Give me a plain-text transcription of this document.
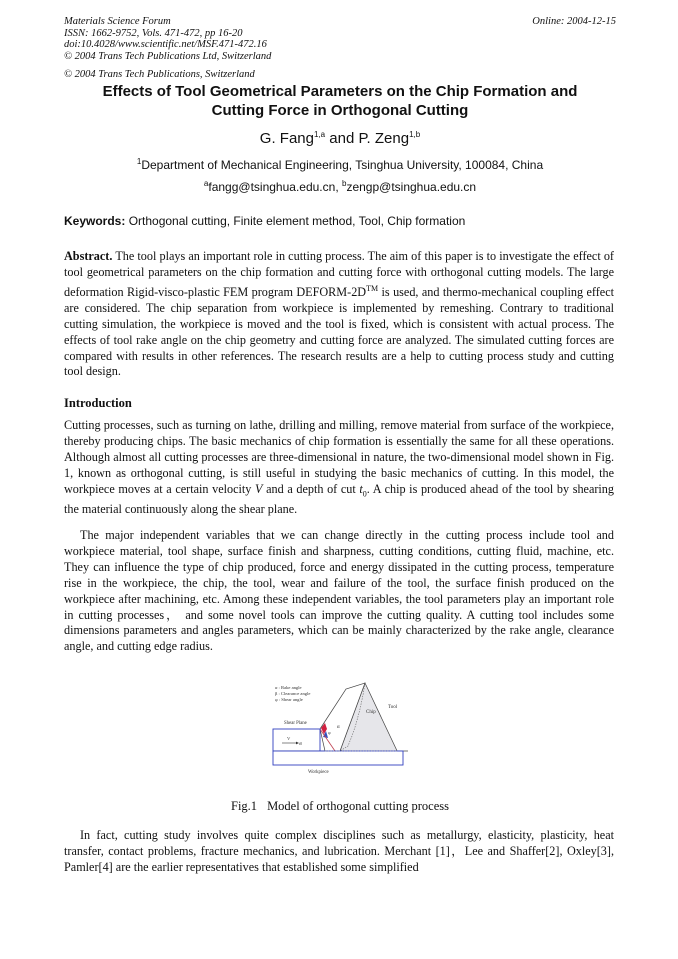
Materials Science Forum
ISSN: 1662-9752, Vols. 471-472, pp 16-20
doi:10.4028/www.scientific.net/MSF.471-472.16
© 2004 Trans Tech Publications Ltd, Switzerland
Online: 2004-12-15
© 2004 Trans Tech Publications, Switzerland
Effects of Tool Geometrical Parameters on the Chip Formation and
Cutting Force in Orthogonal Cutting
G. Fang$^{1,a}$ and P. Zeng$^{1,b}$
$^1$Department of Mechanical Engineering, Tsinghua University, 100084, China
$^a$fangg@tsinghua.edu.cn, $^b$zengp@tsinghua.edu.cn
Keywords: Orthogonal cutting, Finite element method, Tool, Chip formation
Abstract. The tool plays an important role in cutting process. The aim of this paper is to investigate the effect of tool geometrical parameters on the chip formation and cutting force with orthogonal cutting models. The large deformation Rigid-visco-plastic FEM program DEFORM-2D™ is used, and thermo-mechanical coupling effect are considered. The chip separation from workpiece is implemented by remeshing. Contrary to traditional cutting simulation, the workpiece is moved and the tool is fixed, which is consistent with actual process. The effects of tool rake angle on the chip geometry and cutting force are analyzed. The simulated cutting forces are compared with results in other references. The research results are a help to cutting process study and cutting tool design.
Introduction
Cutting processes, such as turning on lathe, drilling and milling, remove material from surface of the workpiece, thereby producing chips. The basic mechanics of chip formation is essentially the same for all these operations. Although almost all cutting processes are three-dimensional in nature, the two-dimensional model shown in Fig. 1, known as orthogonal cutting, is still useful in studying the basic mechanics of cutting. In this model, the workpiece moves at a certain velocity V and a depth of cut $t_0$. A chip is produced ahead of the tool by shearing the material continuously along the shear plane.
The major independent variables that we can change directly in the cutting process include tool and workpiece material, tool shape, surface finish and sharpness, cutting conditions, cutting fluid, machine, etc. They can influence the type of chip produced, force and energy dissipated in the cutting process, temperature rise in the workpiece, the chip, the tool, wear and failure of the tool, the surface finish produced on the workpiece after machining, etc. Among these independent variables, the tool parameters play an important role in cutting processes， and some novel tools can improve the cutting quality. A cutting tool includes some dimensions parameters and angles parameters, which can be mainly characterized by the rake angle, clearance angle, and cutting edge radius.
α : Rake angle
β : Clearance angle
φ : Shear angle
Chip
Tool
Shear Plane
Workpiece
α
φ
V
t0
Fig.1 Model of orthogonal cutting process
In fact, cutting study involves quite complex disciplines such as metallurgy, elasticity, plasticity, heat transfer, contact problems, fracture mechanics, and lubrication. Merchant [1]，Lee and Shaffer[2], Oxley[3], Pamler[4] are the earlier representatives that established some simplified
